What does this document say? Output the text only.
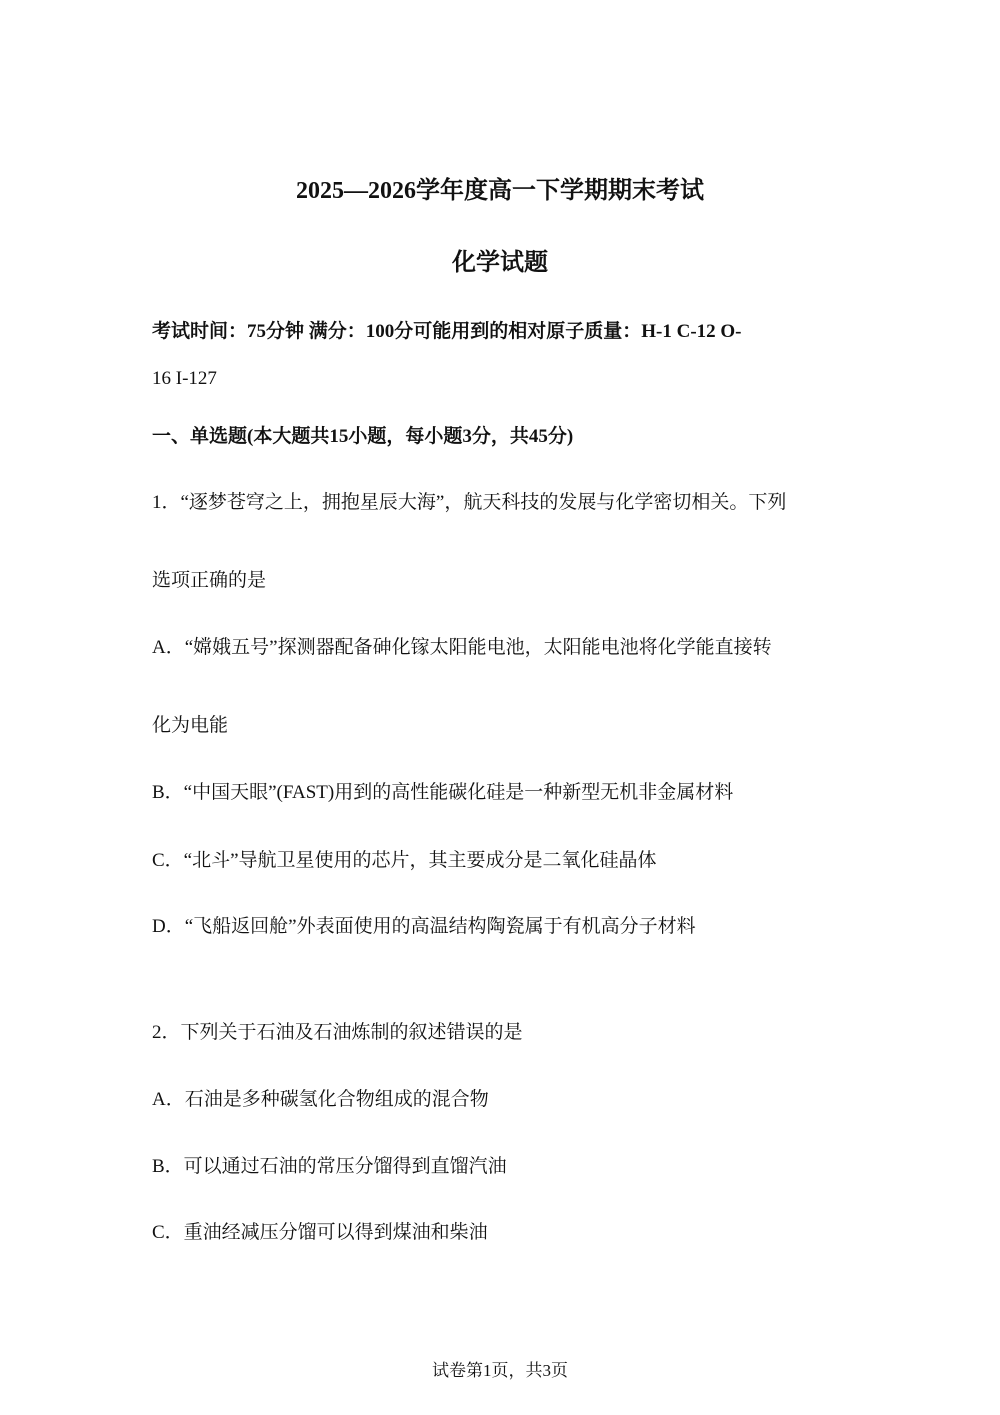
2025—2026学年度高一下学期期末考试
化学试题
考试时间：75分钟 满分：100分可能用到的相对原子质量：H-1 C-12 O-
16 I-127
一、单选题(本大题共15小题，每小题3分，共45分)
1．“逐梦苍穹之上，拥抱星辰大海”，航天科技的发展与化学密切相关。下列
选项正确的是
A．“嫦娥五号”探测器配备砷化镓太阳能电池，太阳能电池将化学能直接转
化为电能
B．“中国天眼”(FAST)用到的高性能碳化硅是一种新型无机非金属材料
C．“北斗”导航卫星使用的芯片，其主要成分是二氧化硅晶体
D．“飞船返回舱”外表面使用的高温结构陶瓷属于有机高分子材料
2．下列关于石油及石油炼制的叙述错误的是
A．石油是多种碳氢化合物组成的混合物
B．可以通过石油的常压分馏得到直馏汽油
C．重油经减压分馏可以得到煤油和柴油
试卷第1页，共3页
